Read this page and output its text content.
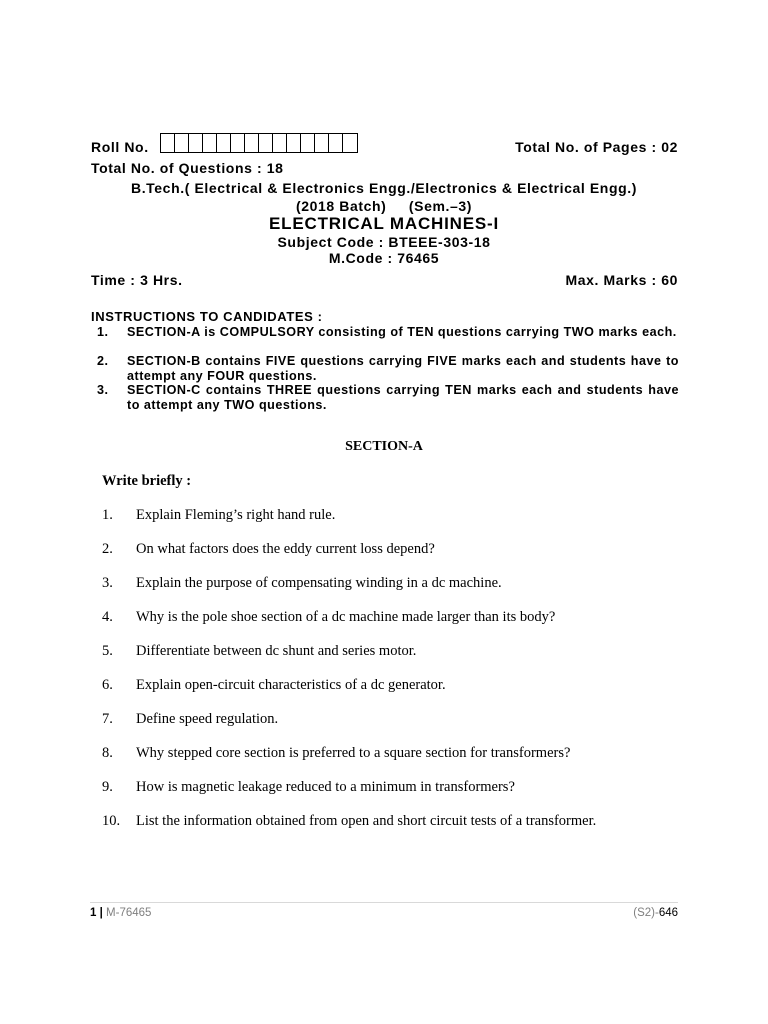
Roll No.	Total No. of Pages : 02
Total No. of Questions : 18
B.Tech.( Electrical & Electronics Engg./Electronics & Electrical Engg.)
(2018 Batch)     (Sem.–3)
ELECTRICAL MACHINES-I
Subject Code : BTEEE-303-18
M.Code : 76465
Time : 3 Hrs.	Max. Marks : 60
INSTRUCTIONS TO CANDIDATES :
1. SECTION-A is COMPULSORY consisting of TEN questions carrying TWO marks each.
2. SECTION-B contains FIVE questions carrying FIVE marks each and students have to attempt any FOUR questions.
3. SECTION-C contains THREE questions carrying TEN marks each and students have to attempt any TWO questions.
SECTION-A
Write briefly :
1. Explain Fleming’s right hand rule.
2. On what factors does the eddy current loss depend?
3. Explain the purpose of compensating winding in a dc machine.
4. Why is the pole shoe section of a dc machine made larger than its body?
5. Differentiate between dc shunt and series motor.
6. Explain open-circuit characteristics of a dc generator.
7. Define speed regulation.
8. Why stepped core section is preferred to a square section for transformers?
9. How is magnetic leakage reduced to a minimum in transformers?
10. List the information obtained from open and short circuit tests of a transformer.
1 | M-76465	(S2)-646
